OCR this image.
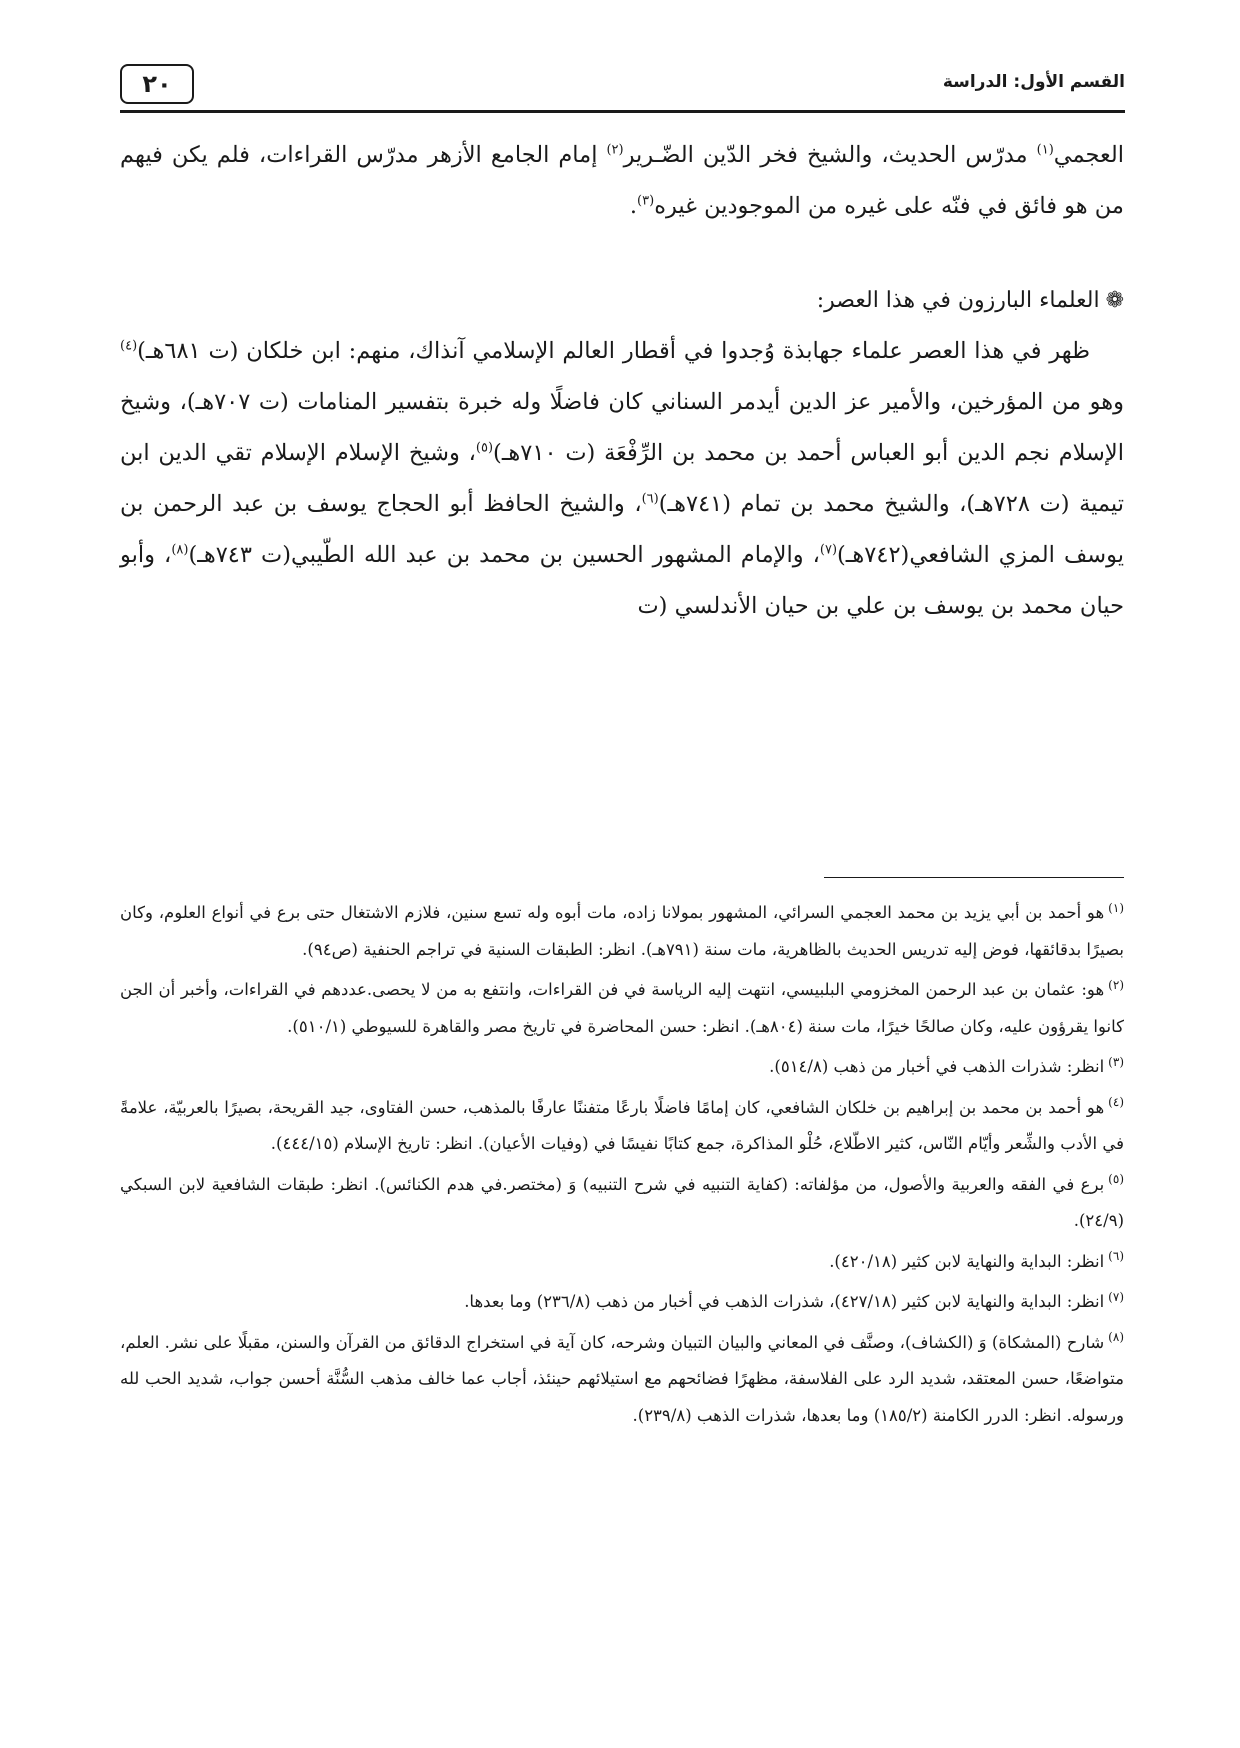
٢٠	القسم الأول: الدراسة

العجمي$^{(١)}$ مدرّس الحديث، والشيخ فخر الدّين الضّـرير$^{(٢)}$ إمام الجامع الأزهر مدرّس القراءات، فلم يكن فيهم من هو فائق في فنّه على غيره من الموجودين غيره$^{(٣)}$.

❁العلماء البارزون في هذا العصر:

ظهر في هذا العصر علماء جهابذة وُجدوا في أقطار العالم الإسلامي آنذاك، منهم: ابن خلكان (ت ٦٨١هـ)$^{(٤)}$ وهو من المؤرخين، والأمير عز الدين أيدمر السناني كان فاضلًا وله خبرة بتفسير المنامات (ت ٧٠٧هـ)، وشيخ الإسلام نجم الدين أبو العباس أحمد بن محمد بن الرِّفْعَة (ت ٧١٠هـ)$^{(٥)}$، وشيخ الإسلام الإسلام تقي الدين ابن تيمية (ت ٧٢٨هـ)، والشيخ محمد بن تمام (٧٤١هـ)$^{(٦)}$، والشيخ الحافظ أبو الحجاج يوسف بن عبد الرحمن بن يوسف المزي الشافعي(٧٤٢هـ)$^{(٧)}$، والإمام المشهور الحسين بن محمد بن عبد الله الطّيبي(ت ٧٤٣هـ)$^{(٨)}$، وأبو حيان محمد بن يوسف بن علي بن حيان الأندلسي (ت

$^{(١)}$هو أحمد بن أبي يزيد بن محمد العجمي السرائي، المشهور بمولانا زاده، مات أبوه وله تسع سنين، فلازم الاشتغال حتى برع في أنواع العلوم، وكان بصيرًا بدقائقها، فوض إليه تدريس الحديث بالظاهرية، مات سنة (٧٩١هـ). انظر: الطبقات السنية في تراجم الحنفية (ص٩٤).

$^{(٢)}$هو: عثمان بن عبد الرحمن المخزومي البلبيسي، انتهت إليه الرياسة في فن القراءات، وانتفع به من لا يحصى.عددهم في القراءات، وأخبر أن الجن كانوا يقرؤون عليه، وكان صالحًا خيرًا، مات سنة (٨٠٤هـ). انظر: حسن المحاضرة في تاريخ مصر والقاهرة للسيوطي (٥١٠/١).

$^{(٣)}$انظر: شذرات الذهب في أخبار من ذهب (٥١٤/٨).

$^{(٤)}$هو أحمد بن محمد بن إبراهيم بن خلكان الشافعي، كان إمامًا فاضلًا بارعًا متفننًا عارفًا بالمذهب، حسن الفتاوى، جيد القريحة، بصيرًا بالعربيّة، علامةً في الأدب والشِّعر وأيّام النّاس، كثير الاطّلاع، حُلْو المذاكرة، جمع كتابًا نفيسًا في (وفيات الأعيان). انظر: تاريخ الإسلام (٤٤٤/١٥).

$^{(٥)}$برع في الفقه والعربية والأصول، من مؤلفاته: (كفاية التنبيه في شرح التنبيه) وَ (مختصر.في هدم الكنائس). انظر: طبقات الشافعية لابن السبكي (٢٤/٩).

$^{(٦)}$انظر: البداية والنهاية لابن كثير (٤٢٠/١٨).

$^{(٧)}$انظر: البداية والنهاية لابن كثير (٤٢٧/١٨)، شذرات الذهب في أخبار من ذهب (٢٣٦/٨) وما بعدها.

$^{(٨)}$شارح (المشكاة) وَ (الكشاف)، وصنَّف في المعاني والبيان التبيان وشرحه، كان آية في استخراج الدقائق من القرآن والسنن، مقبلًا على نشر. العلم، متواضعًا، حسن المعتقد، شديد الرد على الفلاسفة، مظهرًا فضائحهم مع استيلائهم حينئذ، أجاب عما خالف مذهب السُّنَّة أحسن جواب، شديد الحب لله ورسوله. انظر: الدرر الكامنة (١٨٥/٢) وما بعدها، شذرات الذهب (٢٣٩/٨).
